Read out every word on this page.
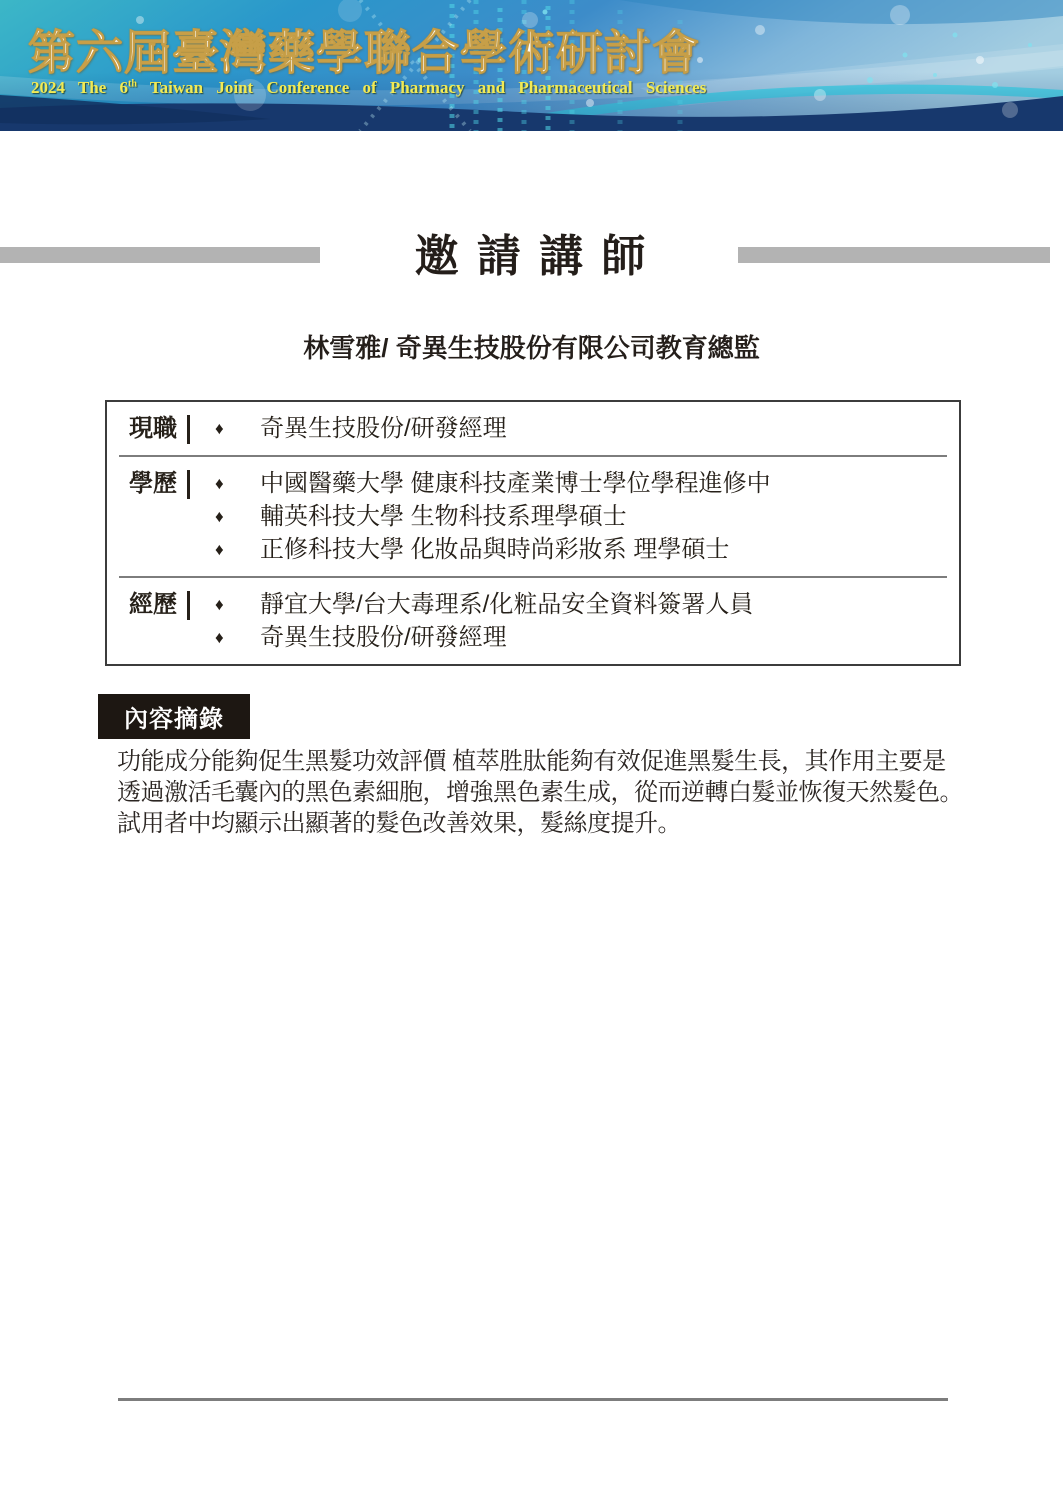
第六屆臺灣藥學聯合學術研討會
2024 The 6th Taiwan Joint Conference of Pharmacy and Pharmaceutical Sciences
邀 請 講 師
林雪雅/ 奇異生技股份有限公司教育總監
現職 ♦ 奇異生技股份/研發經理
學歷 ♦ 中國醫藥大學 健康科技產業博士學位學程進修中
♦ 輔英科技大學 生物科技系理學碩士
♦ 正修科技大學 化妝品與時尚彩妝系 理學碩士
經歷 ♦ 靜宜大學/台大毒理系/化粧品安全資料簽署人員
♦ 奇異生技股份/研發經理
內容摘錄
功能成分能夠促生黑髮功效評價 植萃胜肽能夠有效促進黑髮生長，其作用主要是
透過激活毛囊內的黑色素細胞，增強黑色素生成，從而逆轉白髮並恢復天然髮色。
試用者中均顯示出顯著的髮色改善效果，髮絲度提升。
